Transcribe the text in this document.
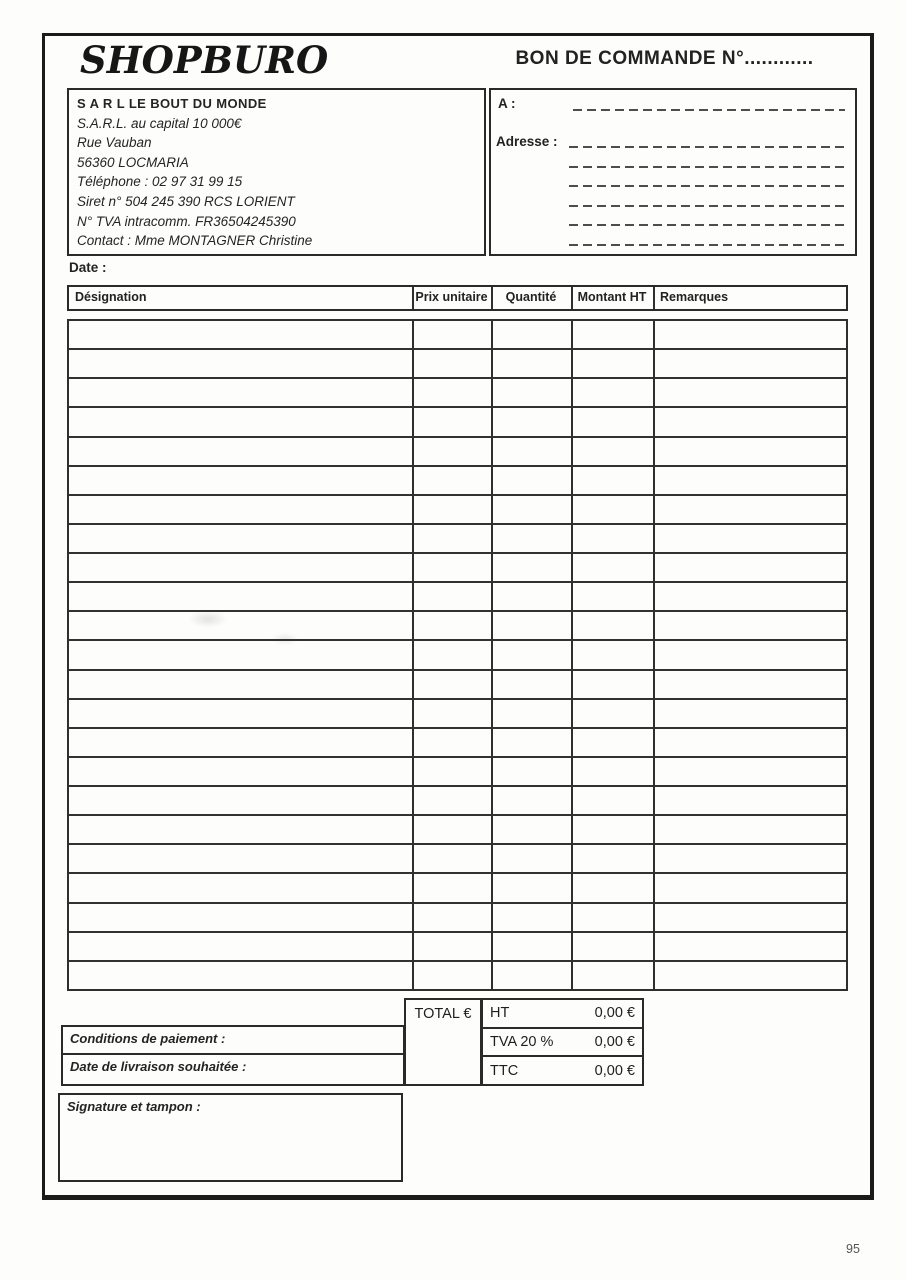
SHOPBURO	BON DE COMMANDE N°............
S A R L LE BOUT DU MONDE
S.A.R.L. au capital 10 000€
Rue Vauban
56360 LOCMARIA
Téléphone : 02 97 31 99 15
Siret n° 504 245 390 RCS LORIENT
N° TVA intracomm. FR36504245390
Contact : Mme MONTAGNER Christine
A :
Adresse :
Date :
Désignation	Prix unitaire	Quantité	Montant HT	Remarques
TOTAL €	HT	0,00 €
TVA 20 %	0,00 €
TTC	0,00 €
Conditions de paiement :
Date de livraison souhaitée :
Signature et tampon :
95
